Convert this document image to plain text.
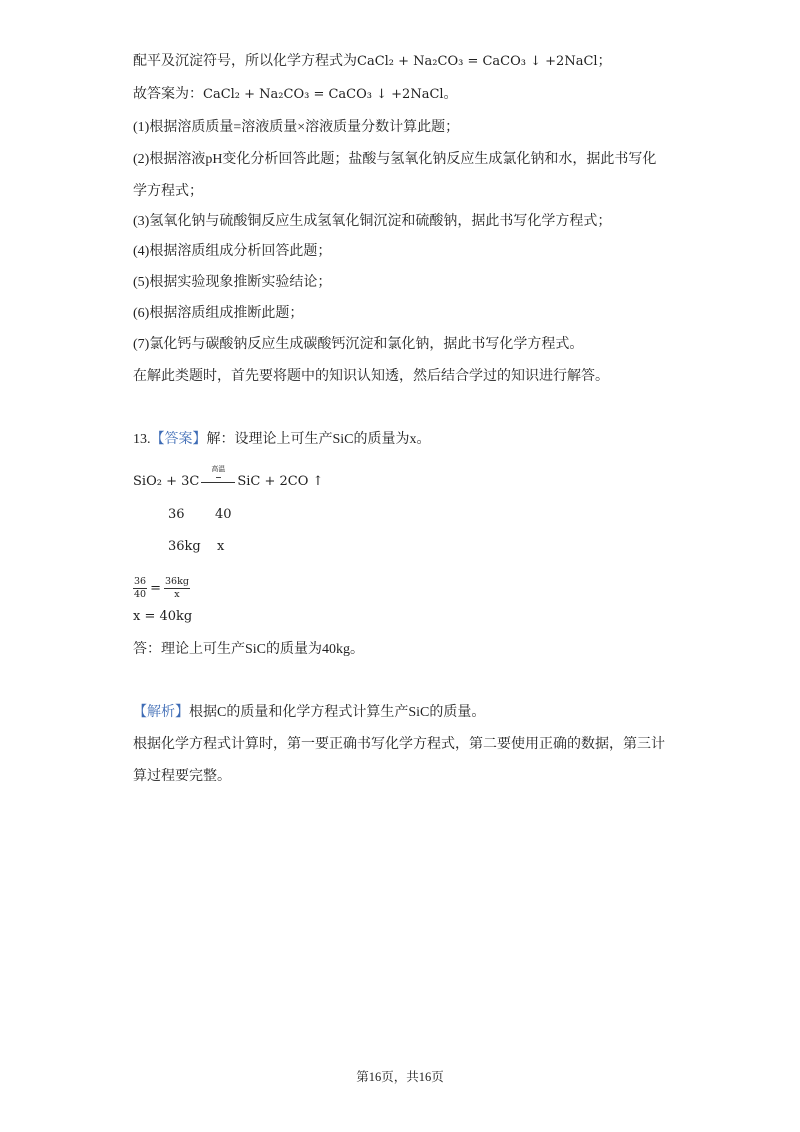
配平及沉淀符号，所以化学方程式为CaCl₂ + Na₂CO₃ = CaCO₃ ↓ +2NaCl；
故答案为：CaCl₂ + Na₂CO₃ = CaCO₃ ↓ +2NaCl。
(1)根据溶质质量=溶液质量×溶液质量分数计算此题；
(2)根据溶液pH变化分析回答此题；盐酸与氢氧化钠反应生成氯化钠和水，据此书写化
学方程式；
(3)氢氧化钠与硫酸铜反应生成氢氧化铜沉淀和硫酸钠，据此书写化学方程式；
(4)根据溶质组成分析回答此题；
(5)根据实验现象推断实验结论；
(6)根据溶质组成推断此题；
(7)氯化钙与碳酸钠反应生成碳酸钙沉淀和氯化钠，据此书写化学方程式。
在解此类题时，首先要将题中的知识认知透，然后结合学过的知识进行解答。
13.【答案】解：设理论上可生产SiC的质量为x。
SiO₂ + 3C
高温
SiC + 2CO ↑
36 40
36kg x
$\frac{36}{40} = \frac{36kg}{x}$
x = 40kg
答：理论上可生产SiC的质量为40kg。
【解析】根据C的质量和化学方程式计算生产SiC的质量。
根据化学方程式计算时，第一要正确书写化学方程式，第二要使用正确的数据，第三计
算过程要完整。
第16页，共16页
